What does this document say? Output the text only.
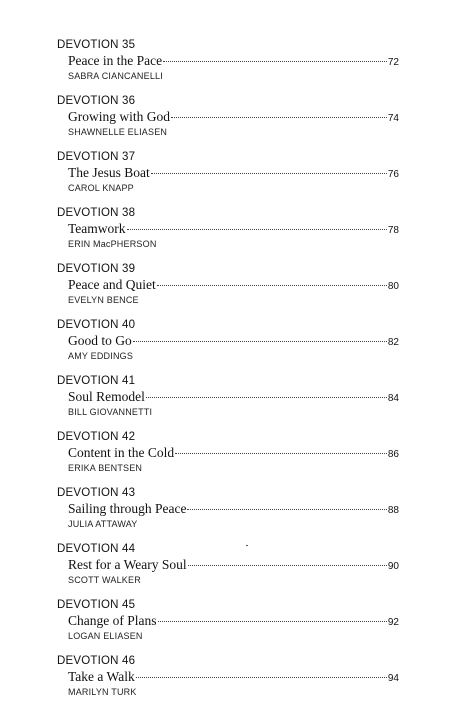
DEVOTION 35
Peace in the Pace	72
SABRA CIANCANELLI
DEVOTION 36
Growing with God	74
SHAWNELLE ELIASEN
DEVOTION 37
The Jesus Boat	76
CAROL KNAPP
DEVOTION 38
Teamwork	78
ERIN MacPHERSON
DEVOTION 39
Peace and Quiet	80
EVELYN BENCE
DEVOTION 40
Good to Go	82
AMY EDDINGS
DEVOTION 41
Soul Remodel	84
BILL GIOVANNETTI
DEVOTION 42
Content in the Cold	86
ERIKA BENTSEN
DEVOTION 43
Sailing through Peace	88
JULIA ATTAWAY
DEVOTION 44
Rest for a Weary Soul	90
SCOTT WALKER
DEVOTION 45
Change of Plans	92
LOGAN ELIASEN
DEVOTION 46
Take a Walk	94
MARILYN TURK
